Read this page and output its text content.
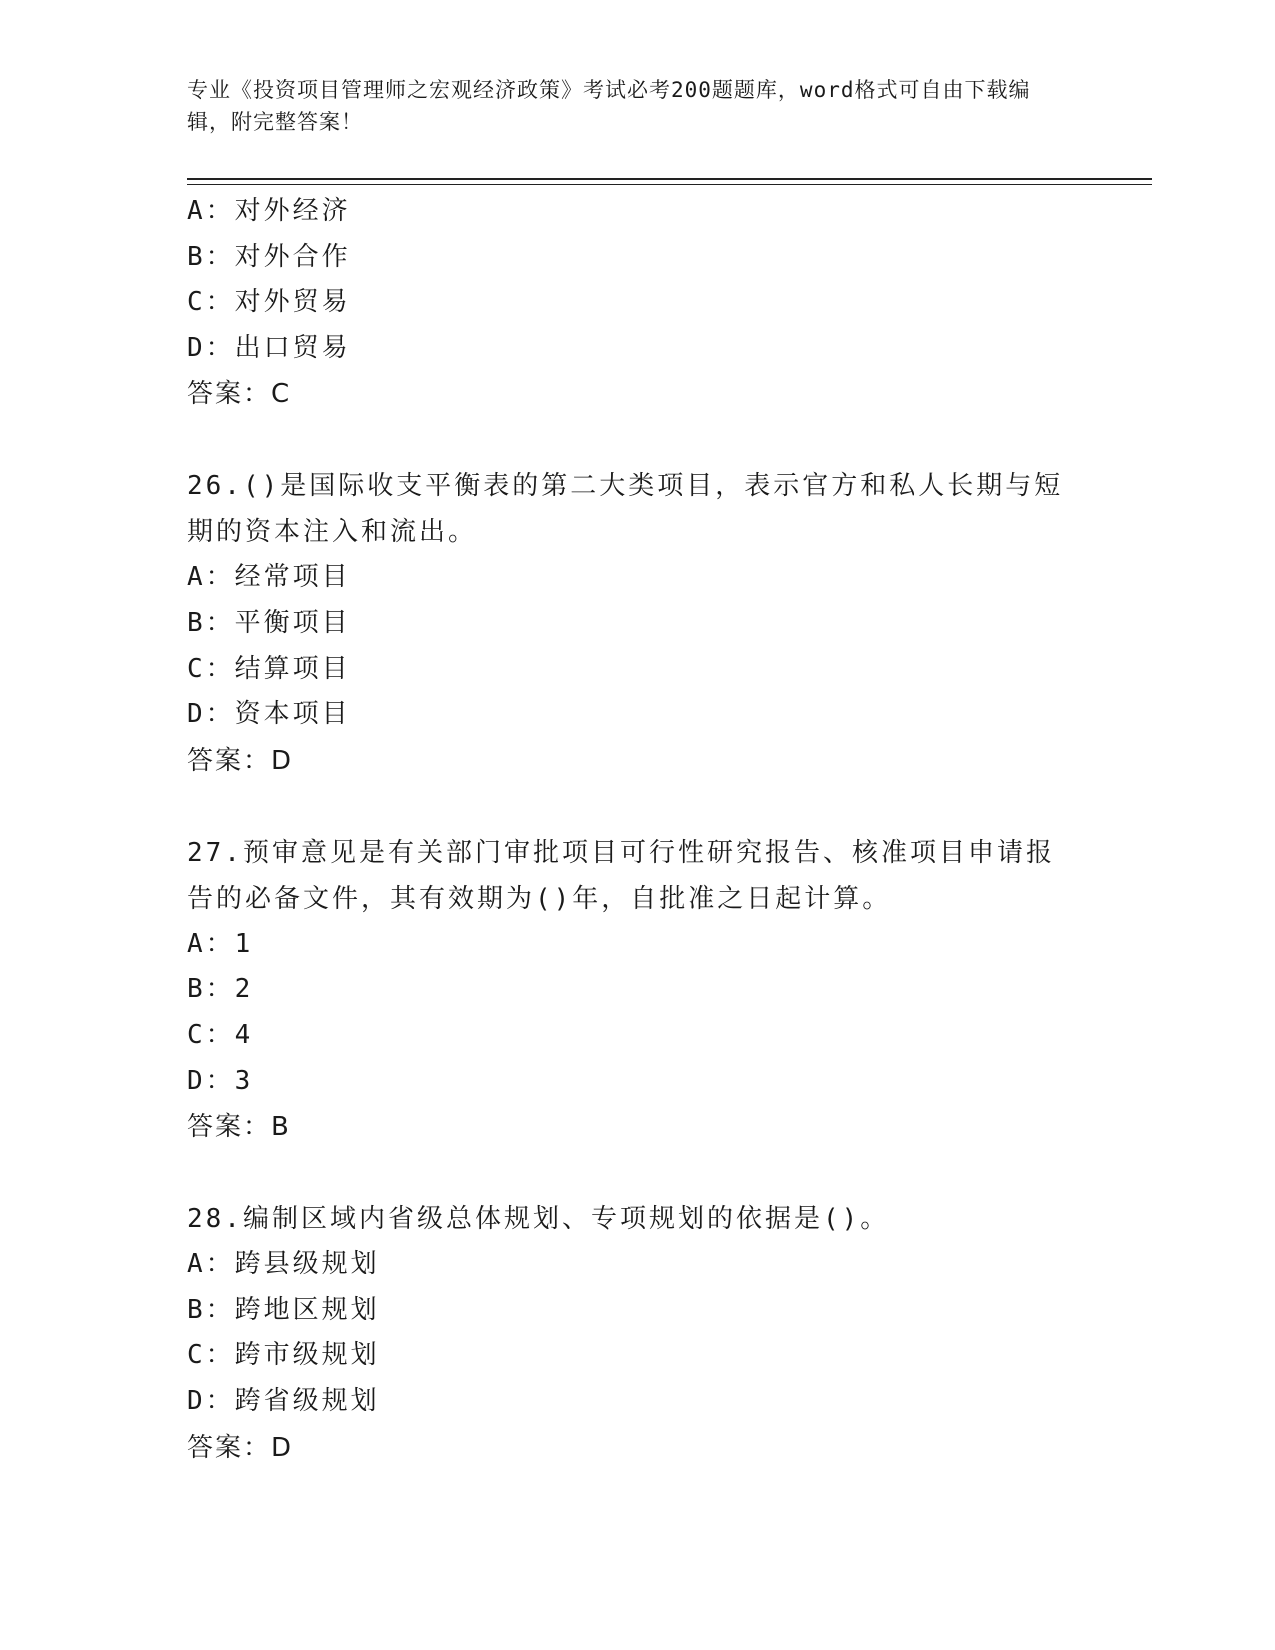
专业《投资项目管理师之宏观经济政策》考试必考200题题库，word格式可自由下载编辑，附完整答案！

A：对外经济

B：对外合作

C：对外贸易

D：出口贸易

答案：C

26.()是国际收支平衡表的第二大类项目，表示官方和私人长期与短期的资本注入和流出。

A：经常项目

B：平衡项目

C：结算项目

D：资本项目

答案：D

27.预审意见是有关部门审批项目可行性研究报告、核准项目申请报告的必备文件，其有效期为()年，自批准之日起计算。

A：1

B：2

C：4

D：3

答案：B

28.编制区域内省级总体规划、专项规划的依据是()。

A：跨县级规划

B：跨地区规划

C：跨市级规划

D：跨省级规划

答案：D
